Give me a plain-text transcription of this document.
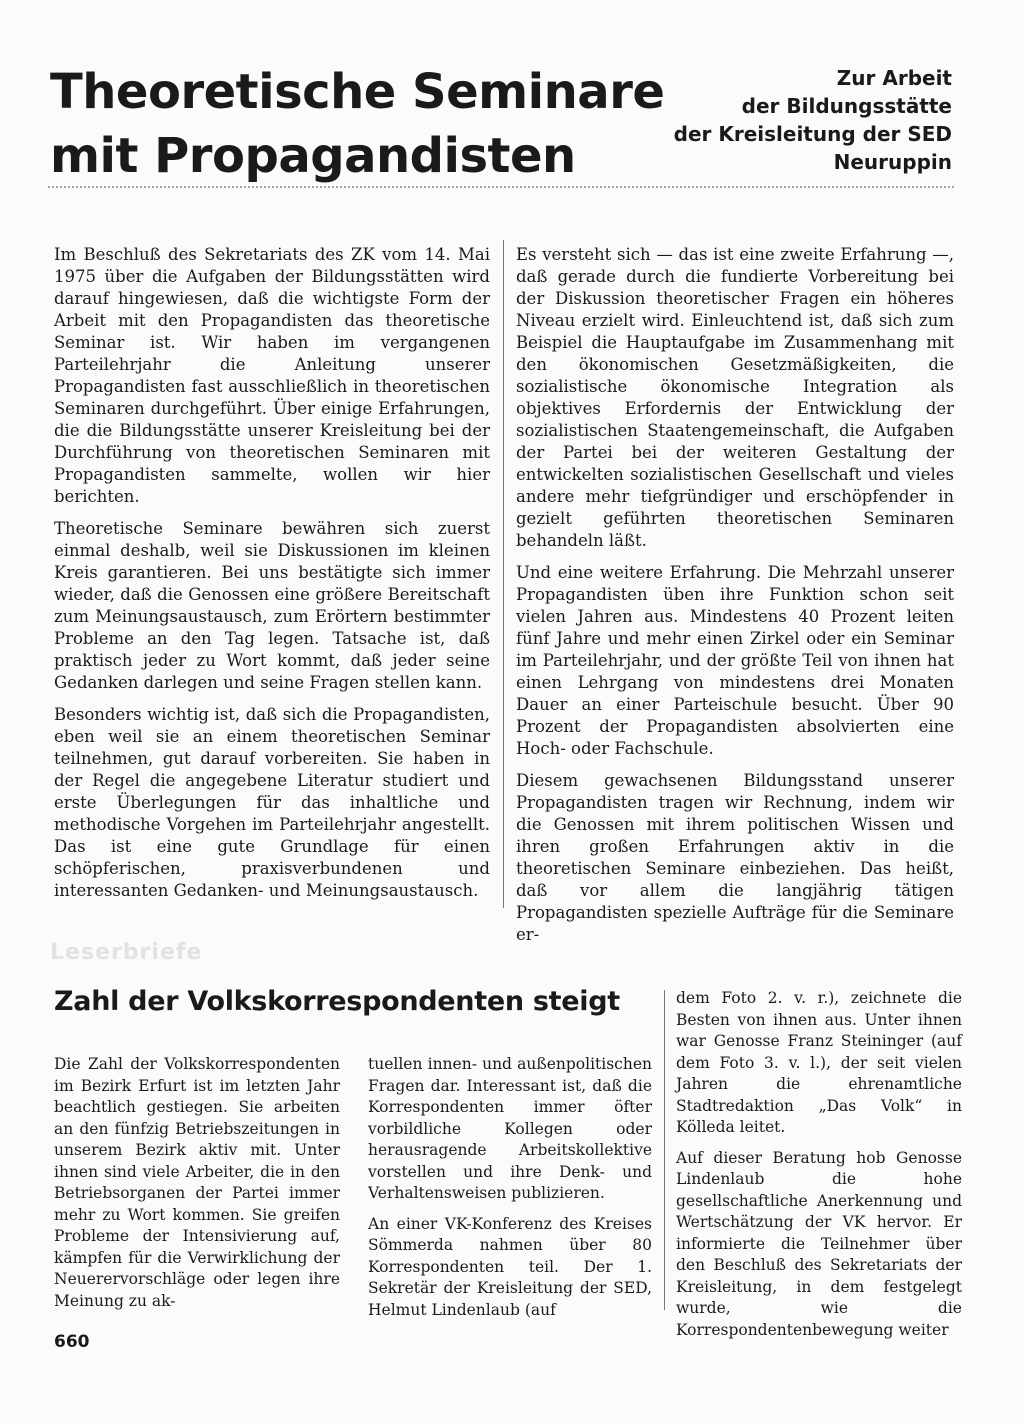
Theoretische Seminare
mit Propagandisten
Zur Arbeit
der Bildungsstätte
der Kreisleitung der SED
Neuruppin

Im Beschluß des Sekretariats des ZK vom 14. Mai 1975 über die Aufgaben der Bildungsstätten wird darauf hingewiesen, daß die wichtigste Form der Arbeit mit den Propagandisten das theoretische Seminar ist. Wir haben im vergangenen Parteilehrjahr die Anleitung unserer Propagandisten fast ausschließlich in theoretischen Seminaren durchgeführt. Über einige Erfahrungen, die die Bildungsstätte unserer Kreisleitung bei der Durchführung von theoretischen Seminaren mit Propagandisten sammelte, wollen wir hier berichten.

Theoretische Seminare bewähren sich zuerst einmal deshalb, weil sie Diskussionen im kleinen Kreis garantieren. Bei uns bestätigte sich immer wieder, daß die Genossen eine größere Bereitschaft zum Meinungsaustausch, zum Erörtern bestimmter Probleme an den Tag legen. Tatsache ist, daß praktisch jeder zu Wort kommt, daß jeder seine Gedanken darlegen und seine Fragen stellen kann.

Besonders wichtig ist, daß sich die Propagandisten, eben weil sie an einem theoretischen Seminar teilnehmen, gut darauf vorbereiten. Sie haben in der Regel die angegebene Literatur studiert und erste Überlegungen für das inhaltliche und methodische Vorgehen im Parteilehrjahr angestellt. Das ist eine gute Grundlage für einen schöpferischen, praxisverbundenen und interessanten Gedanken- und Meinungsaustausch.

Es versteht sich — das ist eine zweite Erfahrung —, daß gerade durch die fundierte Vorbereitung bei der Diskussion theoretischer Fragen ein höheres Niveau erzielt wird. Einleuchtend ist, daß sich zum Beispiel die Hauptaufgabe im Zusammenhang mit den ökonomischen Gesetzmäßigkeiten, die sozialistische ökonomische Integration als objektives Erfordernis der Entwicklung der sozialistischen Staatengemeinschaft, die Aufgaben der Partei bei der weiteren Gestaltung der entwickelten sozialistischen Gesellschaft und vieles andere mehr tiefgründiger und erschöpfender in gezielt geführten theoretischen Seminaren behandeln läßt.

Und eine weitere Erfahrung. Die Mehrzahl unserer Propagandisten üben ihre Funktion schon seit vielen Jahren aus. Mindestens 40 Prozent leiten fünf Jahre und mehr einen Zirkel oder ein Seminar im Parteilehrjahr, und der größte Teil von ihnen hat einen Lehrgang von mindestens drei Monaten Dauer an einer Parteischule besucht. Über 90 Prozent der Propagandisten absolvierten eine Hoch- oder Fachschule.

Diesem gewachsenen Bildungsstand unserer Propagandisten tragen wir Rechnung, indem wir die Genossen mit ihrem politischen Wissen und ihren großen Erfahrungen aktiv in die theoretischen Seminare einbeziehen. Das heißt, daß vor allem die langjährig tätigen Propagandisten spezielle Aufträge für die Seminare er-

Leserbriefe
Zahl der Volkskorrespondenten steigt

Die Zahl der Volkskorrespondenten im Bezirk Erfurt ist im letzten Jahr beachtlich gestiegen. Sie arbeiten an den fünfzig Betriebszeitungen in unserem Bezirk aktiv mit. Unter ihnen sind viele Arbeiter, die in den Betriebsorganen der Partei immer mehr zu Wort kommen. Sie greifen Probleme der Intensivierung auf, kämpfen für die Verwirklichung der Neuerervorschläge oder legen ihre Meinung zu ak-

tuellen innen- und außenpolitischen Fragen dar. Interessant ist, daß die Korrespondenten immer öfter vorbildliche Kollegen oder herausragende Arbeitskollektive vorstellen und ihre Denk- und Verhaltensweisen publizieren.

An einer VK-Konferenz des Kreises Sömmerda nahmen über 80 Korrespondenten teil. Der 1. Sekretär der Kreisleitung der SED, Helmut Lindenlaub (auf

dem Foto 2. v. r.), zeichnete die Besten von ihnen aus. Unter ihnen war Genosse Franz Steininger (auf dem Foto 3. v. l.), der seit vielen Jahren die ehrenamtliche Stadtredaktion „Das Volk“ in Kölleda leitet.

Auf dieser Beratung hob Genosse Lindenlaub die hohe gesellschaftliche Anerkennung und Wertschätzung der VK hervor. Er informierte die Teilnehmer über den Beschluß des Sekretariats der Kreisleitung, in dem festgelegt wurde, wie die Korrespondentenbewegung weiter

660
